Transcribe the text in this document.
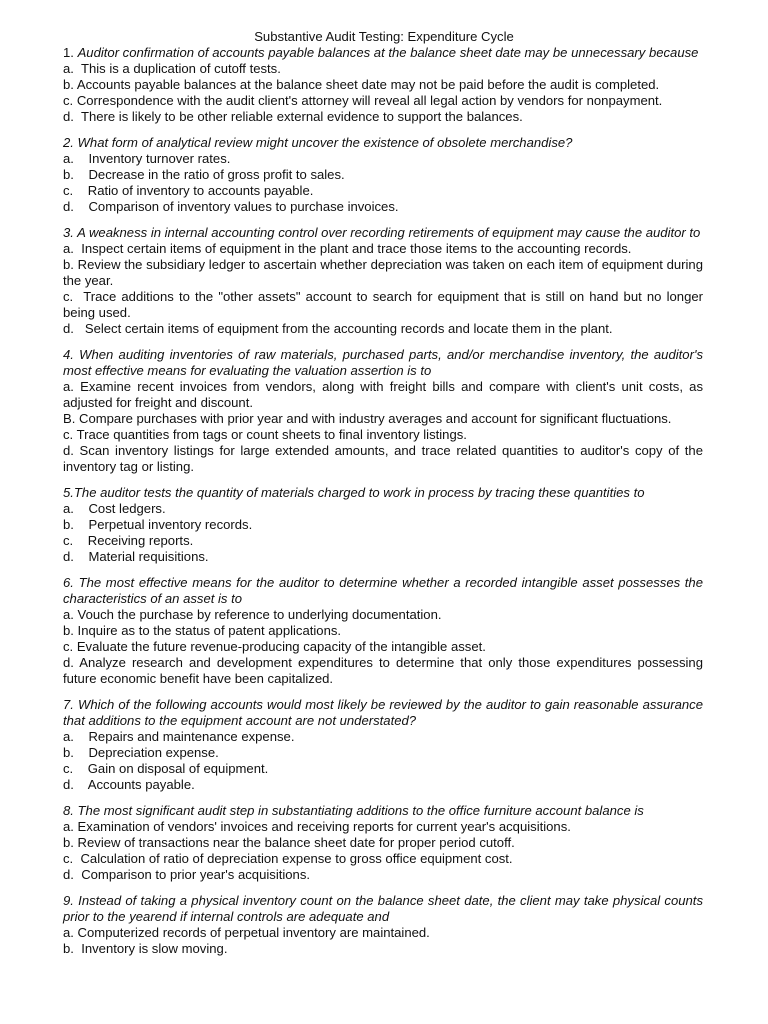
Substantive Audit Testing: Expenditure Cycle

1. Auditor confirmation of accounts payable balances at the balance sheet date may be unnecessary because

a.  This is a duplication of cutoff tests.
b. Accounts payable balances at the balance sheet date may not be paid before the audit is completed.
c. Correspondence with the audit client's attorney will reveal all legal action by vendors for nonpayment.
d.  There is likely to be other reliable external evidence to support the balances.

2. What form of analytical review might uncover the existence of obsolete merchandise?

a.    Inventory turnover rates.
b.    Decrease in the ratio of gross profit to sales.
c.    Ratio of inventory to accounts payable.
d.    Comparison of inventory values to purchase invoices.

3. A weakness in internal accounting control over recording retirements of equipment may cause the auditor to

a.  Inspect certain items of equipment in the plant and trace those items to the accounting records.
b. Review the subsidiary ledger to ascertain whether depreciation was taken on each item of equipment during the year.
c.  Trace additions to the "other assets" account to search for equipment that is still on hand but no longer being used.
d.   Select certain items of equipment from the accounting records and locate them in the plant.

4. When auditing inventories of raw materials, purchased parts, and/or merchandise inventory, the auditor's most effective means for evaluating the valuation assertion is to

a. Examine recent invoices from vendors, along with freight bills and compare with client's unit costs, as adjusted for freight and discount.
B. Compare purchases with prior year and with industry averages and account for significant fluctuations.
c. Trace quantities from tags or count sheets to final inventory listings.
d. Scan inventory listings for large extended amounts, and trace related quantities to auditor's copy of the inventory tag or listing.

5.The auditor tests the quantity of materials charged to work in process by tracing these quantities to

a.    Cost ledgers.
b.    Perpetual inventory records.
c.    Receiving reports.
d.    Material requisitions.

6. The most effective means for the auditor to determine whether a recorded intangible asset possesses the characteristics of an asset is to

a. Vouch the purchase by reference to underlying documentation.
b. Inquire as to the status of patent applications.
c. Evaluate the future revenue-producing capacity of the intangible asset.
d. Analyze research and development expenditures to determine that only those expenditures possessing future economic benefit have been capitalized.

7. Which of the following accounts would most likely be reviewed by the auditor to gain reasonable assurance that additions to the equipment account are not understated?

a.    Repairs and maintenance expense.
b.    Depreciation expense.
c.    Gain on disposal of equipment.
d.    Accounts payable.

8. The most significant audit step in substantiating additions to the office furniture account balance is

a. Examination of vendors' invoices and receiving reports for current year's acquisitions.
b. Review of transactions near the balance sheet date for proper period cutoff.
c.  Calculation of ratio of depreciation expense to gross office equipment cost.
d.  Comparison to prior year's acquisitions.

9. Instead of taking a physical inventory count on the balance sheet date, the client may take physical counts prior to the yearend if internal controls are adequate and

a. Computerized records of perpetual inventory are maintained.
b.  Inventory is slow moving.
